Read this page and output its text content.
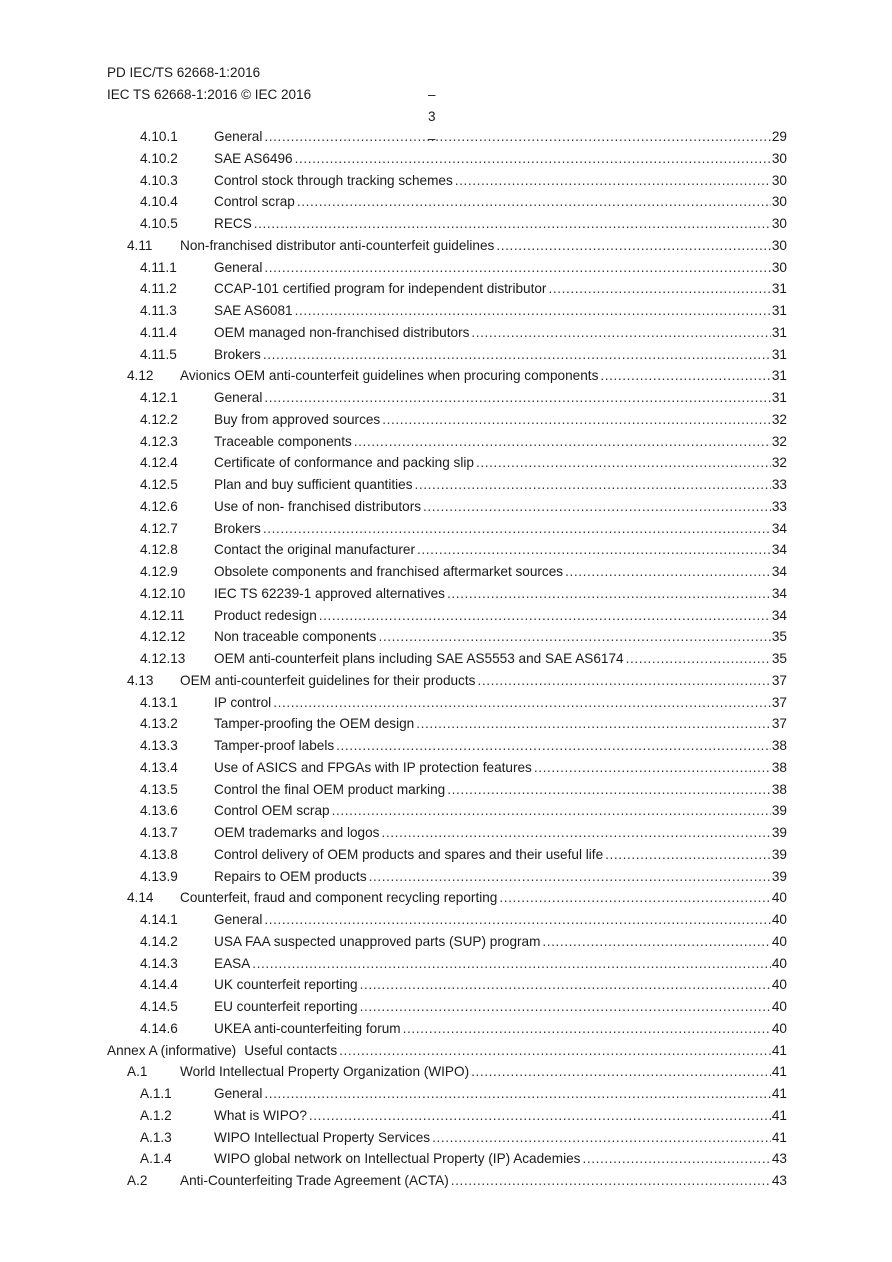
PD IEC/TS 62668-1:2016
IEC TS 62668-1:2016 © IEC 2016	– 3 –
4.10.1	General .....	29
4.10.2	SAE AS6496 .....	30
4.10.3	Control stock through tracking schemes .....	30
4.10.4	Control scrap .....	30
4.10.5	RECS .....	30
4.11	Non-franchised distributor anti-counterfeit guidelines .....	30
4.11.1	General .....	30
4.11.2	CCAP-101 certified program for independent distributor .....	31
4.11.3	SAE AS6081 .....	31
4.11.4	OEM managed non-franchised distributors .....	31
4.11.5	Brokers .....	31
4.12	Avionics OEM anti-counterfeit guidelines when procuring components .....	31
4.12.1	General .....	31
4.12.2	Buy from approved sources .....	32
4.12.3	Traceable components .....	32
4.12.4	Certificate of conformance and packing slip .....	32
4.12.5	Plan and buy sufficient quantities .....	33
4.12.6	Use of non- franchised distributors .....	33
4.12.7	Brokers .....	34
4.12.8	Contact the original manufacturer .....	34
4.12.9	Obsolete components and franchised aftermarket sources .....	34
4.12.10	IEC TS 62239-1 approved alternatives .....	34
4.12.11	Product redesign .....	34
4.12.12	Non traceable components .....	35
4.12.13	OEM anti-counterfeit plans including SAE AS5553 and SAE AS6174 .....	35
4.13	OEM anti-counterfeit guidelines for their products .....	37
4.13.1	IP control .....	37
4.13.2	Tamper-proofing the OEM design .....	37
4.13.3	Tamper-proof labels .....	38
4.13.4	Use of ASICS and FPGAs with IP protection features .....	38
4.13.5	Control the final OEM product marking .....	38
4.13.6	Control OEM scrap .....	39
4.13.7	OEM trademarks and logos .....	39
4.13.8	Control delivery of OEM products and spares and their useful life .....	39
4.13.9	Repairs to OEM products .....	39
4.14	Counterfeit, fraud and component recycling reporting .....	40
4.14.1	General .....	40
4.14.2	USA FAA suspected unapproved parts (SUP) program .....	40
4.14.3	EASA .....	40
4.14.4	UK counterfeit reporting .....	40
4.14.5	EU counterfeit reporting .....	40
4.14.6	UKEA anti-counterfeiting forum .....	40
Annex A (informative) Useful contacts .....	41
A.1	World Intellectual Property Organization (WIPO) .....	41
A.1.1	General .....	41
A.1.2	What is WIPO? .....	41
A.1.3	WIPO Intellectual Property Services .....	41
A.1.4	WIPO global network on Intellectual Property (IP) Academies .....	43
A.2	Anti-Counterfeiting Trade Agreement (ACTA) .....	43
